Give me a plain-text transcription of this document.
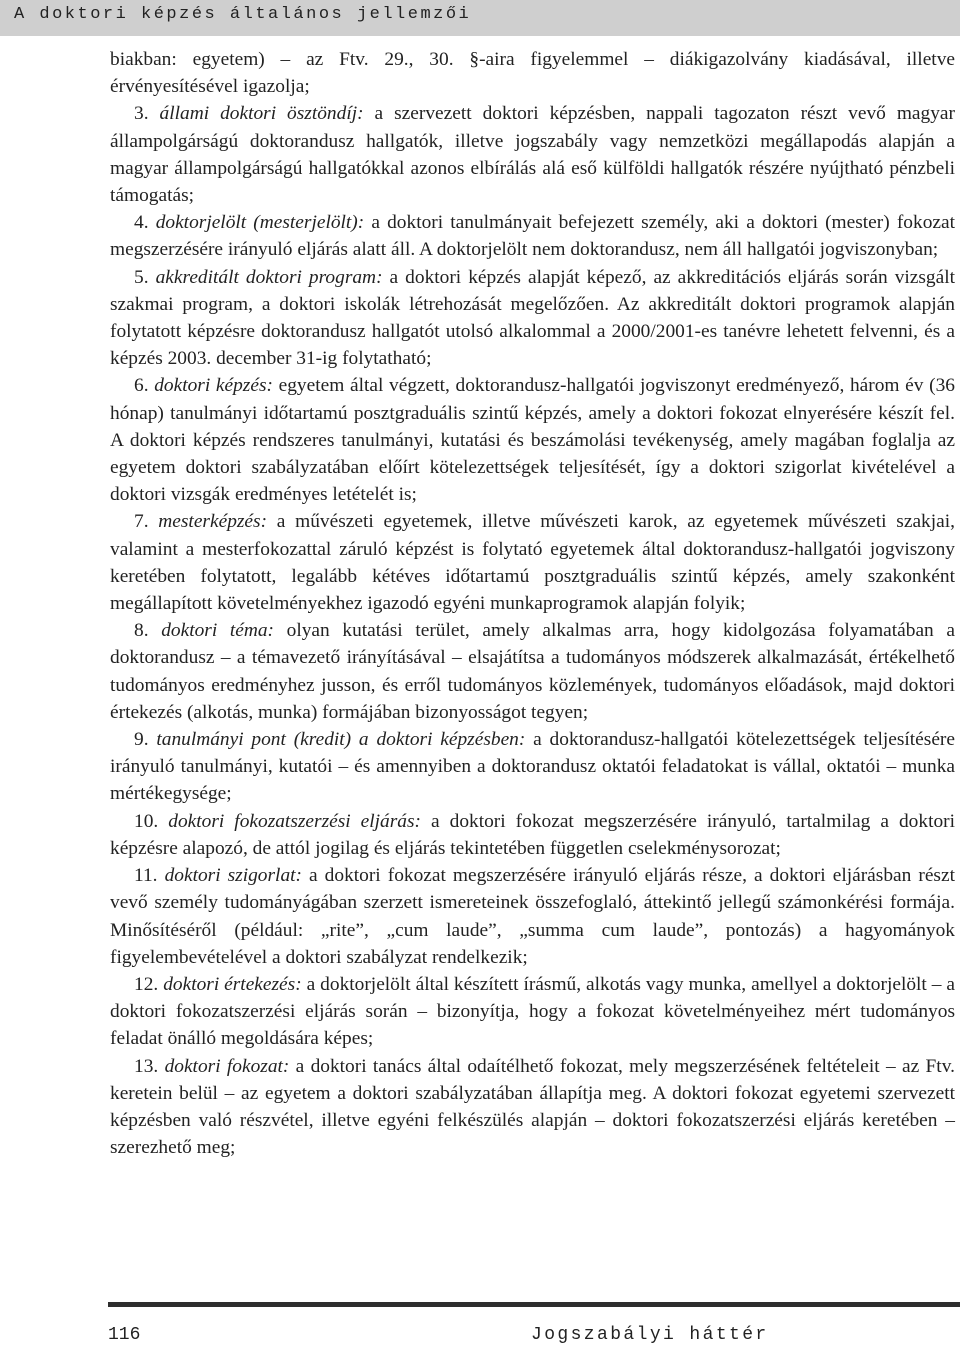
A doktori képzés általános jellemzői

biakban: egyetem) – az Ftv. 29., 30. §-aira figyelemmel – diákigazolvány kiadásával, illetve érvényesítésével igazolja;

3. állami doktori ösztöndíj: a szervezett doktori képzésben, nappali tagozaton részt vevő magyar állampolgárságú doktorandusz hallgatók, illetve jogszabály vagy nemzetközi megállapodás alapján a magyar állampolgárságú hallgatókkal azonos elbírálás alá eső külföldi hallgatók részére nyújtható pénzbeli támogatás;

4. doktorjelölt (mesterjelölt): a doktori tanulmányait befejezett személy, aki a doktori (mester) fokozat megszerzésére irányuló eljárás alatt áll. A doktorjelölt nem doktorandusz, nem áll hallgatói jogviszonyban;

5. akkreditált doktori program: a doktori képzés alapját képező, az akkreditációs eljárás során vizsgált szakmai program, a doktori iskolák létrehozását megelőzően. Az akkreditált doktori programok alapján folytatott képzésre doktorandusz hallgatót utolsó alkalommal a 2000/2001-es tanévre lehetett felvenni, és a képzés 2003. december 31-ig folytatható;

6. doktori képzés: egyetem által végzett, doktorandusz-hallgatói jogviszonyt eredményező, három év (36 hónap) tanulmányi időtartamú posztgraduális szintű képzés, amely a doktori fokozat elnyerésére készít fel. A doktori képzés rendszeres tanulmányi, kutatási és beszámolási tevékenység, amely magában foglalja az egyetem doktori szabályzatában előírt kötelezettségek teljesítését, így a doktori szigorlat kivételével a doktori vizsgák eredményes letételét is;

7. mesterképzés: a művészeti egyetemek, illetve művészeti karok, az egyetemek művészeti szakjai, valamint a mesterfokozattal záruló képzést is folytató egyetemek által doktorandusz-hallgatói jogviszony keretében folytatott, legalább kétéves időtartamú posztgraduális szintű képzés, amely szakonként megállapított követelményekhez igazodó egyéni munkaprogramok alapján folyik;

8. doktori téma: olyan kutatási terület, amely alkalmas arra, hogy kidolgozása folyamatában a doktorandusz – a témavezető irányításával – elsajátítsa a tudományos módszerek alkalmazását, értékelhető tudományos eredményhez jusson, és erről tudományos közlemények, tudományos előadások, majd doktori értekezés (alkotás, munka) formájában bizonyosságot tegyen;

9. tanulmányi pont (kredit) a doktori képzésben: a doktorandusz-hallgatói kötelezettségek teljesítésére irányuló tanulmányi, kutatói – és amennyiben a doktorandusz oktatói feladatokat is vállal, oktatói – munka mértékegysége;

10. doktori fokozatszerzési eljárás: a doktori fokozat megszerzésére irányuló, tartalmilag a doktori képzésre alapozó, de attól jogilag és eljárás tekintetében független cselekménysorozat;

11. doktori szigorlat: a doktori fokozat megszerzésére irányuló eljárás része, a doktori eljárásban részt vevő személy tudományágában szerzett ismereteinek összefoglaló, áttekintő jellegű számonkérési formája. Minősítéséről (például: „rite”, „cum laude”, „summa cum laude”, pontozás) a hagyományok figyelembevételével a doktori szabályzat rendelkezik;

12. doktori értekezés: a doktorjelölt által készített írásmű, alkotás vagy munka, amellyel a doktorjelölt – a doktori fokozatszerzési eljárás során – bizonyítja, hogy a fokozat követelményeihez mért tudományos feladat önálló megoldására képes;

13. doktori fokozat: a doktori tanács által odaítélhető fokozat, mely megszerzésének feltételeit – az Ftv. keretein belül – az egyetem a doktori szabályzatában állapítja meg. A doktori fokozat egyetemi szervezett képzésben való részvétel, illetve egyéni felkészülés alapján – doktori fokozatszerzési eljárás keretében – szerezhető meg;

116	Jogszabályi háttér
